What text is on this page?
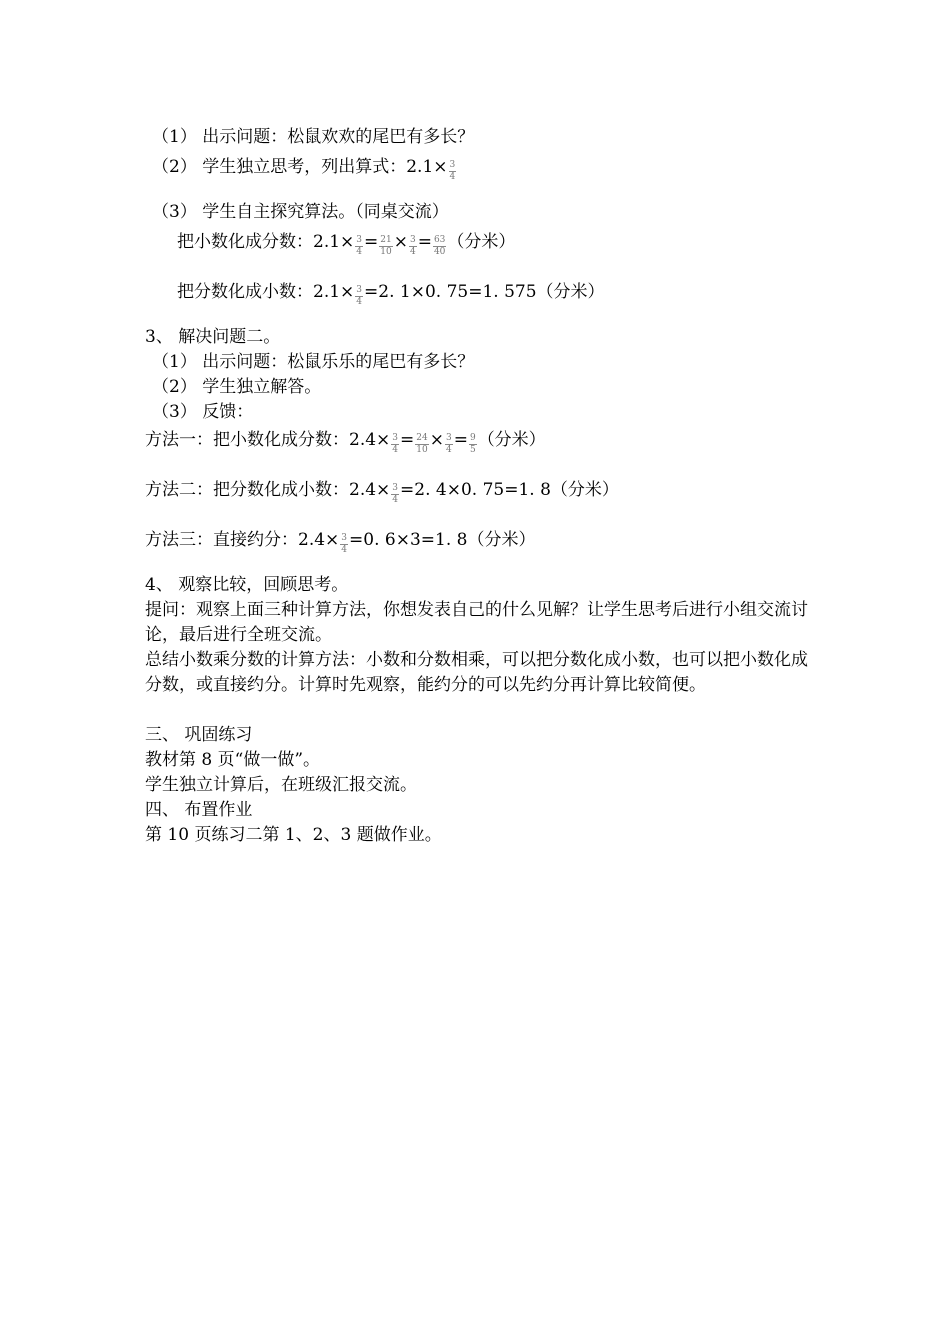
（1） 出示问题：松鼠欢欢的尾巴有多长？
（2） 学生独立思考，列出算式：$2.1\times \frac{3}{4}$
（3） 学生自主探究算法。（同桌交流）
把小数化成分数：$2.1\times \frac{3}{4} = \frac{21}{10} \times \frac{3}{4} = \frac{63}{40}$ （分米）
把分数化成小数：$2.1\times \frac{3}{4} =2$. 1×0. 75=1. 575（分米）
3、 解决问题二。
（1） 出示问题：松鼠乐乐的尾巴有多长？
（2） 学生独立解答。
（3） 反馈：
方法一：把小数化成分数：$2.4\times \frac{3}{4} = \frac{24}{10} \times \frac{3}{4} = \frac{9}{5}$ （分米）
方法二：把分数化成小数：$2.4\times \frac{3}{4} =2$. 4×0. 75=1. 8（分米）
方法三：直接约分：$2.4\times \frac{3}{4} =0$. 6×3=1. 8（分米）
4、 观察比较，回顾思考。
提问：观察上面三种计算方法，你想发表自己的什么见解？让学生思考后进行小组交流讨论，最后进行全班交流。
总结小数乘分数的计算方法：小数和分数相乘，可以把分数化成小数，也可以把小数化成分数，或直接约分。计算时先观察，能约分的可以先约分再计算比较简便。
三、 巩固练习
教材第 8 页“做一做”。
学生独立计算后，在班级汇报交流。
四、 布置作业
第 10 页练习二第 1、2、3 题做作业。
